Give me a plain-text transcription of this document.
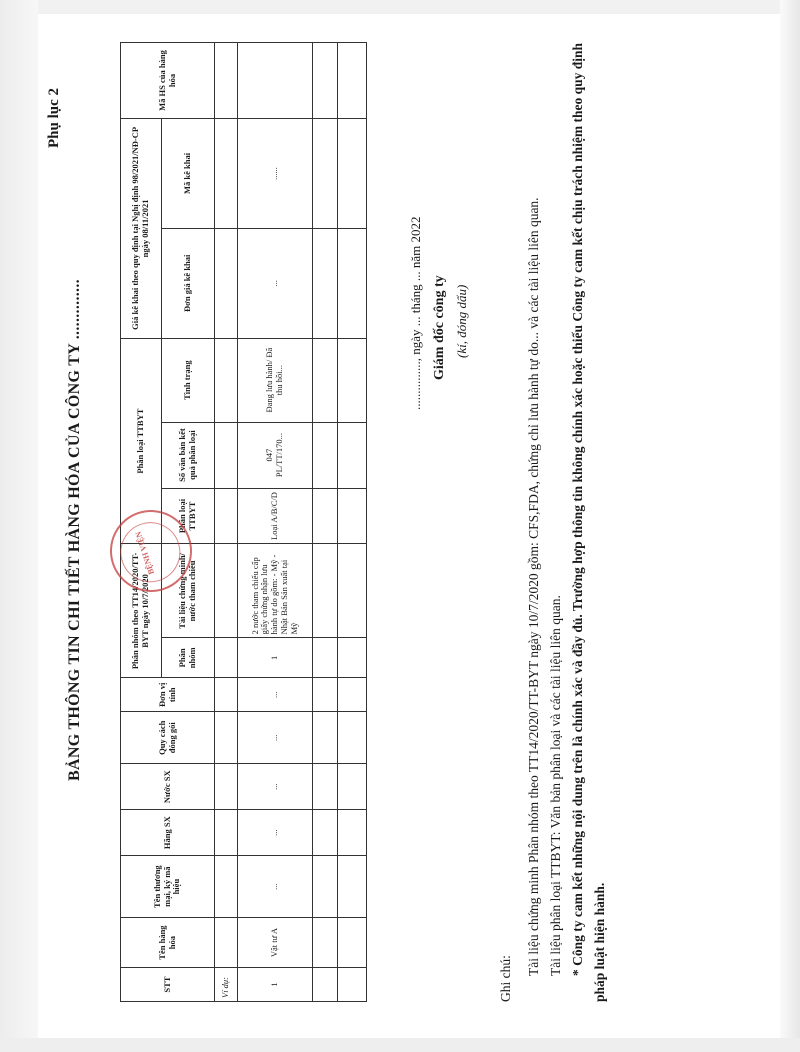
Phụ lục 2
BẢNG THÔNG TIN CHI TIẾT HÀNG HÓA CỦA CÔNG TY ..............
STT	Tên hàng hóa	Tên thương mại, ký mã hiệu	Hãng SX	Nước SX	Quy cách đóng gói	Đơn vị tính	Phân nhóm theo TT14/2020/TT-BYT ngày 10/7/2020		Phân loại TTBYT			Giá kê khai theo quy định tại Nghị định 98/2021/NĐ-CP ngày 08/11/2021		Mã HS của hàng hóa
							Phân nhóm	Tài liệu chứng minh/ nước tham chiếu	Phân loại TTBYT	Số văn bản kết quả phân loại	Tình trạng	Đơn giá kê khai	Mã kê khai	
Ví dụ:														
1	Vật tư A	...	...	...	...	...	1	2 nước tham chiếu cấp giấy chứng nhận lưu hành tự do gồm: - Mỹ - Nhật Bản Sản xuất tại Mỹ	Loại A/B/C/D	047 PL/TT/170...	Đang lưu hành/ Đã thu hồi...	...	......	

BỆNH VIỆN
..............., ngày ... tháng ... năm 2022 Giám đốc công ty (kí, đóng dấu)

Ghi chú:

Tài liệu chứng minh Phân nhóm theo TT14/2020/TT-BYT ngày 10/7/2020 gồm: CFS,FDA, chứng chỉ lưu hành tự do... và các tài liệu liên quan. Tài liệu phân loại TTBYT: Văn bản phân loại và các tài liệu liên quan. * Công ty cam kết những nội dung trên là chính xác và đầy đủ. Trường hợp thông tin không chính xác hoặc thiếu Công ty cam kết chịu trách nhiệm theo quy định pháp luật hiện hành.
